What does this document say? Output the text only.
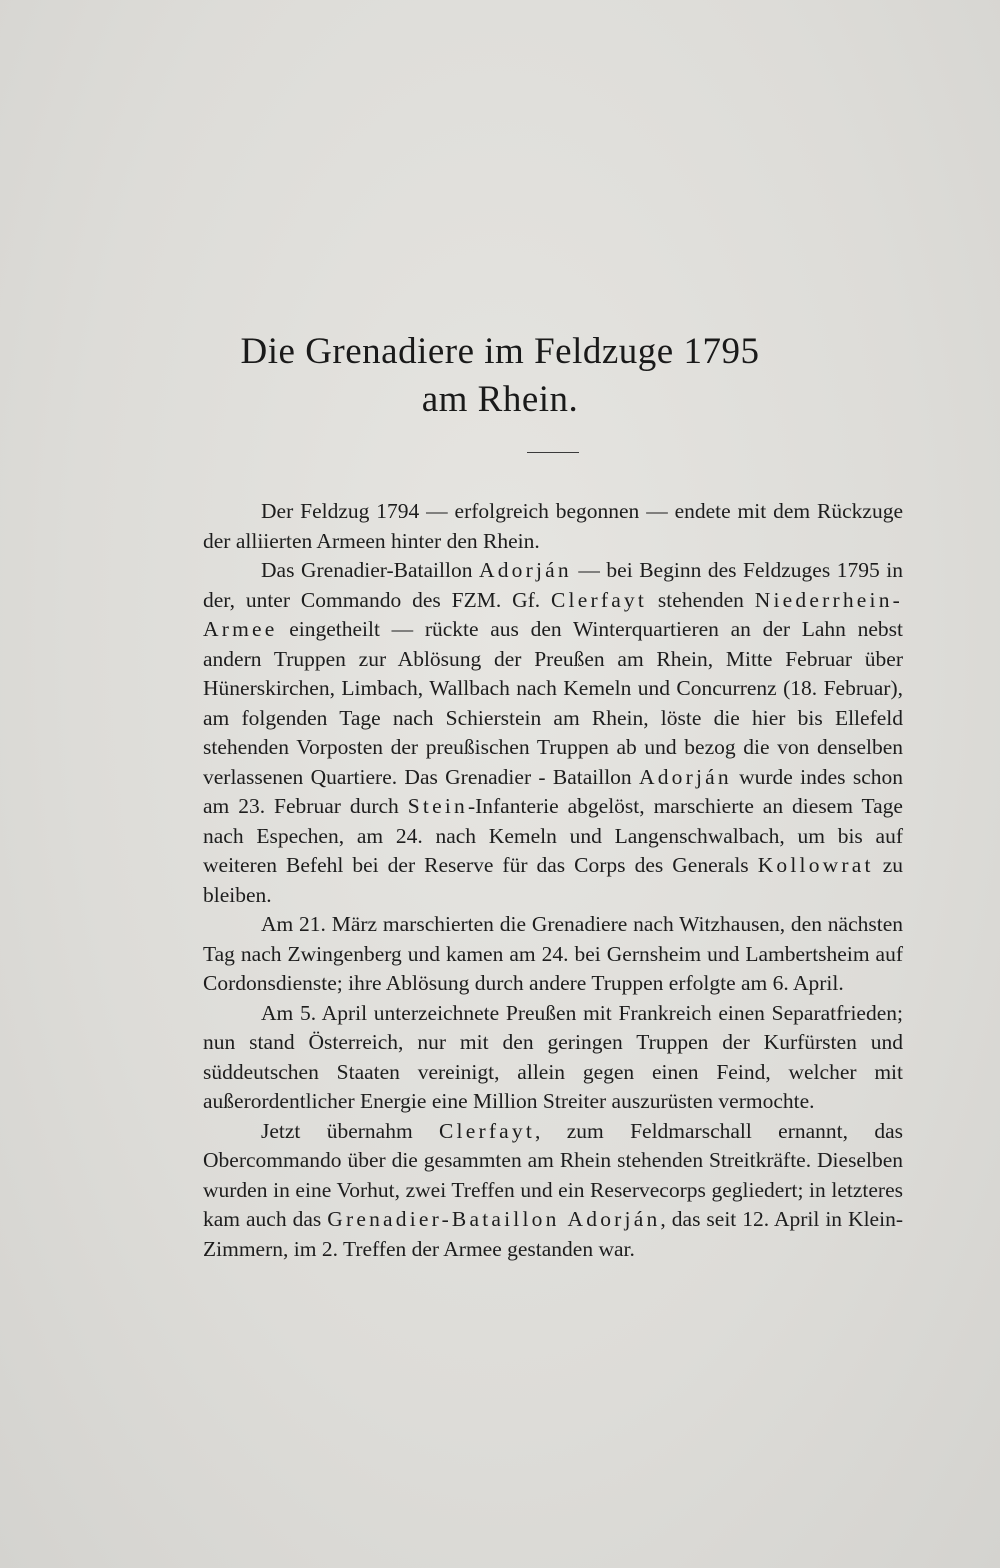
Die Grenadiere im Feldzuge 1795
am Rhein.

Der Feldzug 1794 — erfolgreich begonnen — endete mit dem Rückzuge der alliierten Armeen hinter den Rhein.

Das Grenadier-Bataillon Adorján — bei Beginn des Feldzuges 1795 in der, unter Commando des FZM. Gf. Clerfayt stehenden Niederrhein-Armee eingetheilt — rückte aus den Winterquartieren an der Lahn nebst andern Truppen zur Ablösung der Preußen am Rhein, Mitte Februar über Hünerskirchen, Limbach, Wallbach nach Kemeln und Concurrenz (18. Februar), am folgenden Tage nach Schierstein am Rhein, löste die hier bis Ellefeld stehenden Vorposten der preußischen Truppen ab und bezog die von denselben verlassenen Quartiere. Das Grenadier - Bataillon Adorján wurde indes schon am 23. Februar durch Stein-Infanterie abgelöst, marschierte an diesem Tage nach Espechen, am 24. nach Kemeln und Langenschwalbach, um bis auf weiteren Befehl bei der Reserve für das Corps des Generals Kollowrat zu bleiben.

Am 21. März marschierten die Grenadiere nach Witzhausen, den nächsten Tag nach Zwingenberg und kamen am 24. bei Gernsheim und Lambertsheim auf Cordonsdienste; ihre Ablösung durch andere Truppen erfolgte am 6. April.

Am 5. April unterzeichnete Preußen mit Frankreich einen Separatfrieden; nun stand Österreich, nur mit den geringen Truppen der Kurfürsten und süddeutschen Staaten vereinigt, allein gegen einen Feind, welcher mit außerordentlicher Energie eine Million Streiter auszurüsten vermochte.

Jetzt übernahm Clerfayt, zum Feldmarschall ernannt, das Obercommando über die gesammten am Rhein stehenden Streitkräfte. Dieselben wurden in eine Vorhut, zwei Treffen und ein Reservecorps gegliedert; in letzteres kam auch das Grenadier-Bataillon Adorján, das seit 12. April in Klein-Zimmern, im 2. Treffen der Armee gestanden war.
